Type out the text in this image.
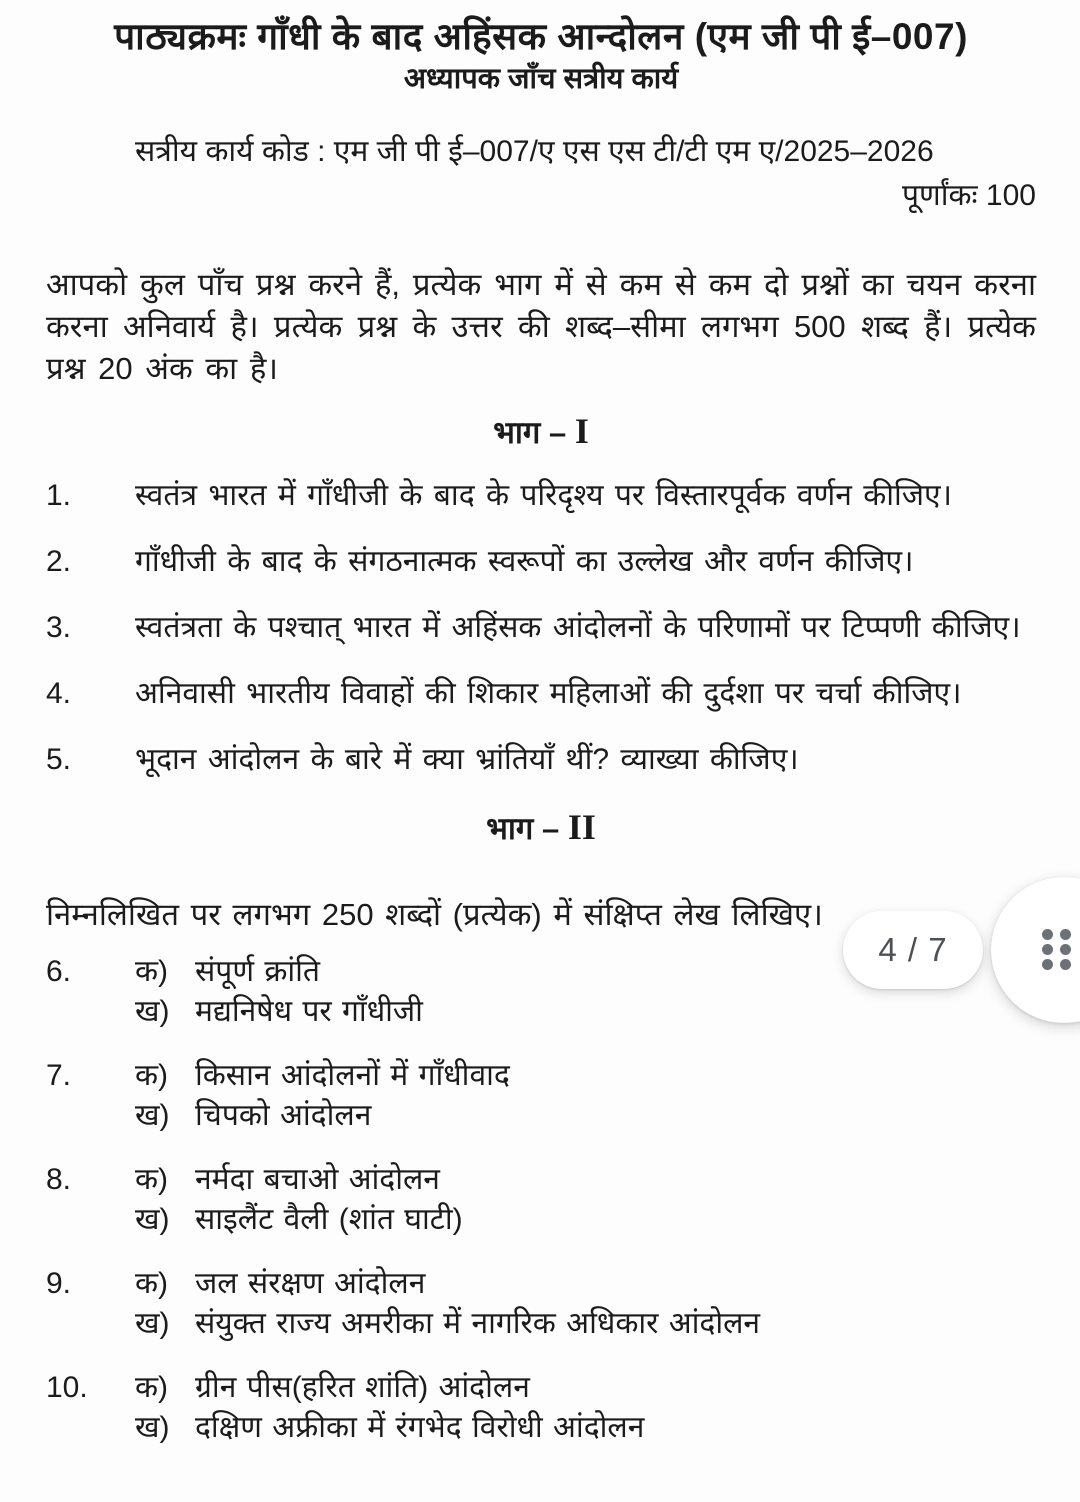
पाठ्यक्रमः गाँधी के बाद अहिंसक आन्दोलन (एम जी पी ई–007)
अध्यापक जाँच सत्रीय कार्य
सत्रीय कार्य कोड : एम जी पी ई–007/ए एस एस टी/टी एम ए/2025–2026
पूर्णांकः 100
आपको कुल पाँच प्रश्न करने हैं, प्रत्येक भाग में से कम से कम दो प्रश्नों का चयन करना करना अनिवार्य है। प्रत्येक प्रश्न के उत्तर की शब्द–सीमा लगभग 500 शब्द हैं। प्रत्येक प्रश्न 20 अंक का है।
भाग – I
1.	स्वतंत्र भारत में गाँधीजी के बाद के परिदृश्य पर विस्तारपूर्वक वर्णन कीजिए।
2.	गाँधीजी के बाद के संगठनात्मक स्वरूपों का उल्लेख और वर्णन कीजिए।
3.	स्वतंत्रता के पश्चात् भारत में अहिंसक आंदोलनों के परिणामों पर टिप्पणी कीजिए।
4.	अनिवासी भारतीय विवाहों की शिकार महिलाओं की दुर्दशा पर चर्चा कीजिए।
5.	भूदान आंदोलन के बारे में क्या भ्रांतियाँ थीं? व्याख्या कीजिए।
भाग – II
निम्नलिखित पर लगभग 250 शब्दों (प्रत्येक) में संक्षिप्त लेख लिखिए।
6.	क) संपूर्ण क्रांति
ख) मद्यनिषेध पर गाँधीजी
7.	क) किसान आंदोलनों में गाँधीवाद
ख) चिपको आंदोलन
8.	क) नर्मदा बचाओ आंदोलन
ख) साइलैंट वैली (शांत घाटी)
9.	क) जल संरक्षण आंदोलन
ख) संयुक्त राज्य अमरीका में नागरिक अधिकार आंदोलन
10.	क) ग्रीन पीस(हरित शांति) आंदोलन
ख) दक्षिण अफ्रीका में रंगभेद विरोधी आंदोलन
4 / 7
